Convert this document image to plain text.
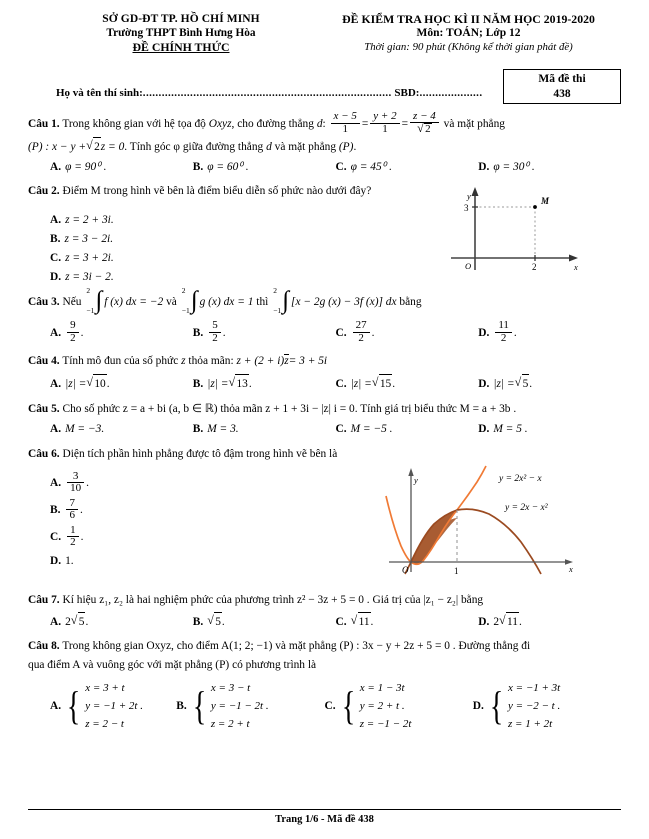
SỞ GD-ĐT TP. HỒ CHÍ MINH
Trường THPT Bình Hưng Hòa
ĐỀ CHÍNH THỨC
ĐỀ KIỂM TRA HỌC KÌ II NĂM HỌC 2019-2020
Môn: TOÁN; Lớp 12
Thời gian: 90 phút (Không kể thời gian phát đề)
Họ và tên thí sinh:............................................................................... SBD:....................
Mã đề thi
438
Câu 1. Trong không gian với hệ tọa độ Oxyz, cho đường thẳng d: $\frac{x - 5}{1} = \frac{y + 2}{1} = z - 4$
√ 2 và mặt phẳng
(P) : x − y + √ 2z = 0. Tính góc φ giữa đường thẳng d và mặt phẳng (P).
A. φ = 90⁰ .	B. φ = 60⁰ .	C. φ = 45⁰ .	D. φ = 30⁰ .
Câu 2. Điểm M trong hình vẽ bên là điểm biểu diễn số phức nào dưới đây?
A. z = 2 + 3i.
B. z = 3 − 2i.
C. z = 3 + 2i.
D. z = 3i − 2.
y
x
O
3
2
M
Câu 3. Nếu
2
−1 ∫ f (x) dx = −2 và
2
−1 ∫ g (x) dx = 1 thì
2
−1 ∫ [x − 2g (x) − 3f (x)] dx bằng
A. $\frac{9}{2}$ .	B. $\frac{5}{2}$ .	C. $\frac{27}{2}$ .	D. $\frac{11}{2}$ .
Câu 4. Tính mô đun của số phức z thỏa mãn: z + (2 + i)z= 3 + 5i
A. |z| = √ 10 .	B. |z| = √ 13 .	C. |z| = √ 15 .	D. |z| = √ 5 .
Câu 5. Cho số phức z = a + bi (a, b ∈ ℝ) thỏa mãn z + 1 + 3i − |z| i = 0. Tính giá trị biểu thức M = a + 3b .
A. M = −3.	B. M = 3.	C. M = −5 .	D. M = 5 .
Câu 6. Diện tích phần hình phẳng được tô đậm trong hình vẽ bên là
A. $\frac{3}{10}$ .
B. $\frac{7}{6}$ .
C. $\frac{1}{2}$ .
D. 1.
y
x
O	1
y = 2x² − x
y = 2x − x²
Câu 7. Kí hiệu z₁, z₂ là hai nghiệm phức của phương trình z² − 3z + 5 = 0 . Giá trị của |z₁ − z₂| bằng
A. 2 √ 5 .	B.	√ 5 .	C.	√ 11 .	D. 2 √ 11 .
Câu 8. Trong không gian Oxyz, cho điểm A(1; 2; −1) và mặt phẳng (P) : 3x − y + 2z + 5 = 0 . Đường thẳng đi
qua điểm A và vuông góc với mặt phẳng (P) có phương trình là
A. { x = 3 + t
y = −1 + 2t .
z = 2 − t
B. { x = 3 − t
y = −1 − 2t .
z = 2 + t
C. { x = 1 − 3t
y = 2 + t .
z = −1 − 2t
D. { x = −1 + 3t
y = −2 − t .
z = 1 + 2t
Trang 1/6 - Mã đề 438
